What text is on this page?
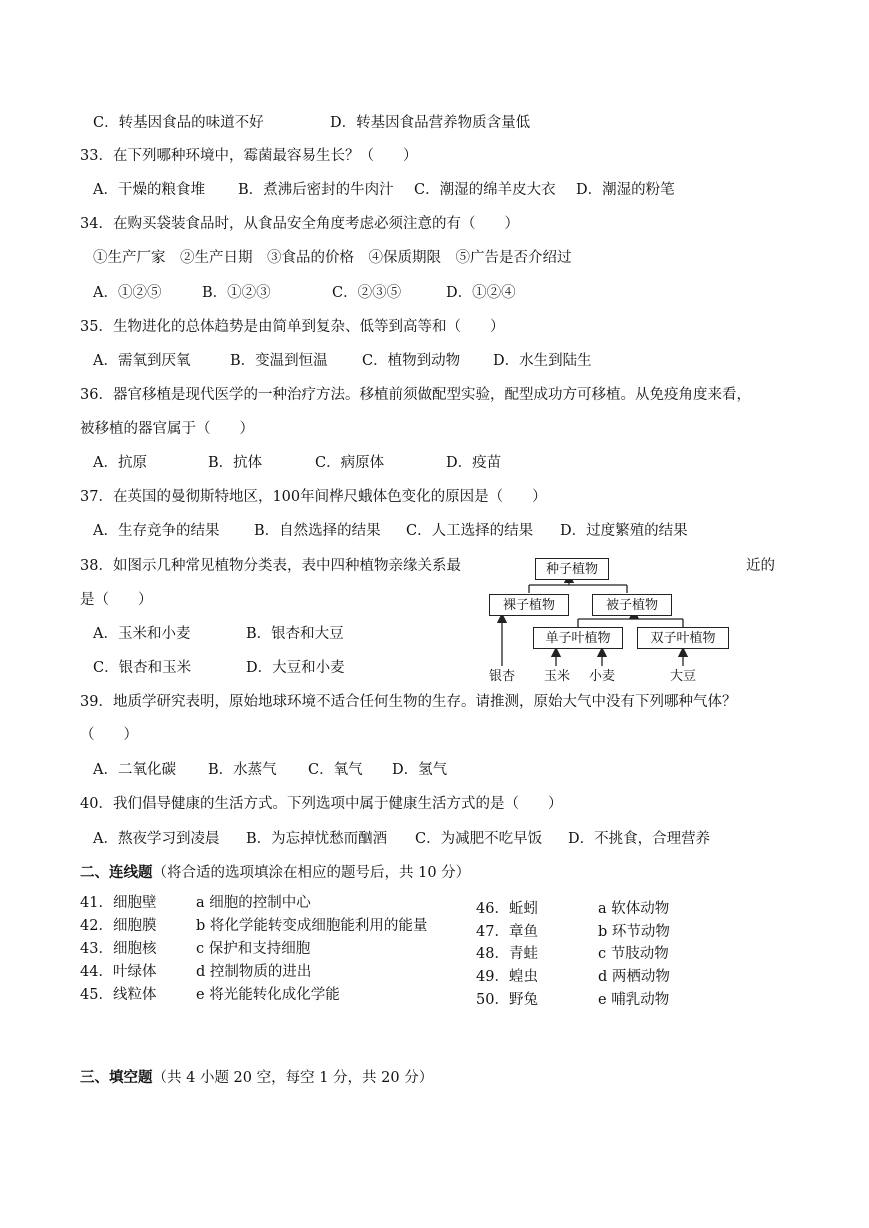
C．转基因食品的味道不好	D．转基因食品营养物质含量低
33．在下列哪种环境中，霉菌最容易生长？（　　）
A．干燥的粮食堆 B．煮沸后密封的牛肉汁 C．潮湿的绵羊皮大衣 D．潮湿的粉笔
34．在购买袋装食品时，从食品安全角度考虑必须注意的有（　　）
①生产厂家　②生产日期　③食品的价格　④保质期限　⑤广告是否介绍过
A．①②⑤	B．①②③	C．②③⑤	D．①②④
35．生物进化的总体趋势是由简单到复杂、低等到高等和（　　）
A．需氧到厌氧	B．变温到恒温 C．植物到动物 D．水生到陆生
36．器官移植是现代医学的一种治疗方法。移植前须做配型实验，配型成功方可移植。从免疫角度来看，
被移植的器官属于（　　）
A．抗原	B．抗体	C．病原体	D．疫苗
37．在英国的曼彻斯特地区，100年间桦尺蛾体色变化的原因是（　　）
A．生存竞争的结果 B．自然选择的结果 C．人工选择的结果 D．过度繁殖的结果
38．如图示几种常见植物分类表，表中四种植物亲缘关系最	近的
是（　　）
A．玉米和小麦	B．银杏和大豆
C．银杏和玉米	D．大豆和小麦
种子植物
裸子植物	被子植物
单子叶植物	双子叶植物
银杏 玉米 小麦	大豆
39．地质学研究表明，原始地球环境不适合任何生物的生存。请推测，原始大气中没有下列哪种气体？
（　　）
A．二氧化碳 B．水蒸气 C．氧气 D．氢气
40．我们倡导健康的生活方式。下列选项中属于健康生活方式的是（　　）
A．熬夜学习到凌晨 B．为忘掉忧愁而酗酒 C．为减肥不吃早饭 D．不挑食，合理营养
二、连线题（将合适的选项填涂在相应的题号后，共 10 分）
41．细胞壁	a 细胞的控制中心
42．细胞膜	b 将化学能转变成细胞能利用的能量
43．细胞核	c 保护和支持细胞
44．叶绿体	d 控制物质的进出
45．线粒体	e 将光能转化成化学能
46．蚯蚓	a 软体动物
47．章鱼	b 环节动物
48．青蛙	c 节肢动物
49．蝗虫	d 两栖动物
50．野兔	e 哺乳动物
三、填空题（共 4 小题 20 空，每空 1 分，共 20 分）
